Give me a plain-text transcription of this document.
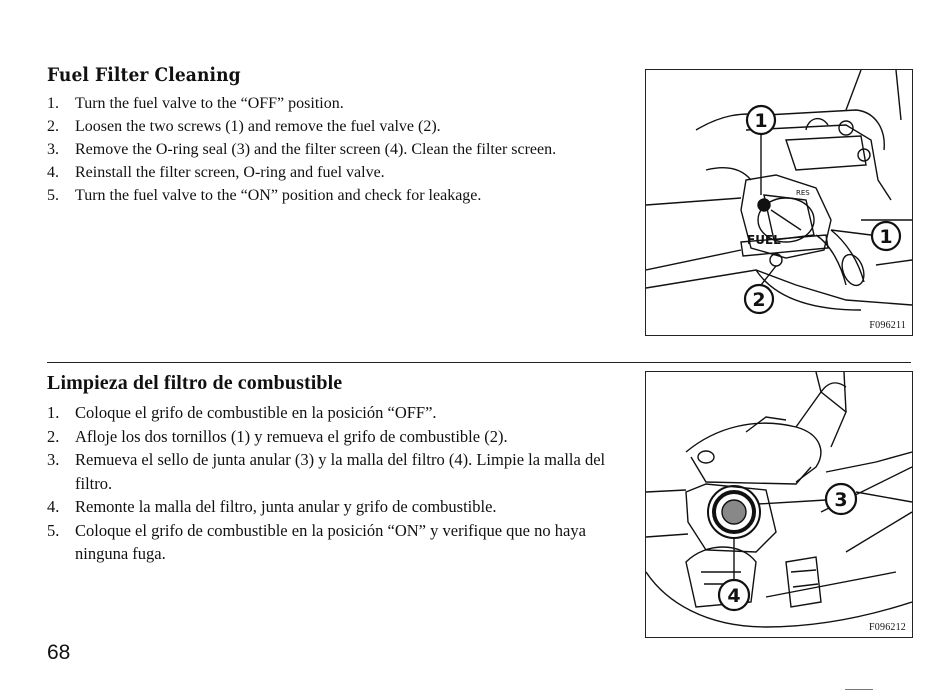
Fuel Filter Cleaning
1. Turn the fuel valve to the “OFF” position.
2. Loosen the two screws (1) and remove the fuel valve (2).
3. Remove the O-ring seal (3) and the filter screen (4). Clean the filter screen.
4. Reinstall the filter screen, O-ring and fuel valve.
5. Turn the fuel valve to the “ON” position and check for leakage.
FUEL
RES
1
1
2
F096211
Limpieza del filtro de combustible
1. Coloque el grifo de combustible en la posición “OFF”.
2. Afloje los dos tornillos (1) y remueva el grifo de combustible (2).
3. Remueva el sello de junta anular (3) y la malla del filtro (4). Limpie la malla del filtro.
4. Remonte la malla del filtro, junta anular y grifo de combustible.
5. Coloque el grifo de combustible en la posición “ON” y verifique que no haya ninguna fuga.
3
4
F096212
68
